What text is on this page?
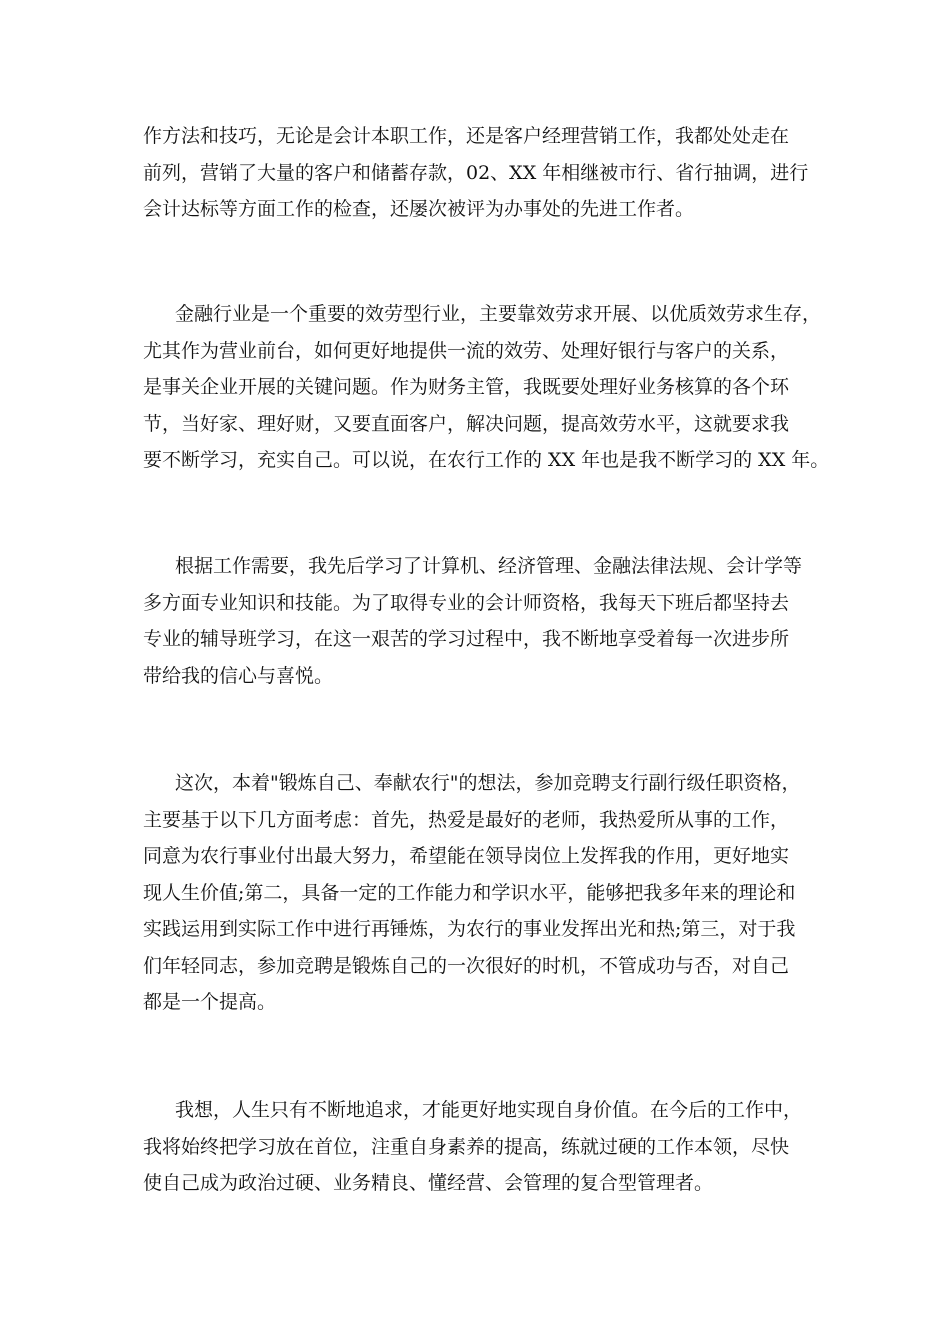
作方法和技巧，无论是会计本职工作，还是客户经理营销工作，我都处处走在
前列，营销了大量的客户和储蓄存款，02、XX 年相继被市行、省行抽调，进行
会计达标等方面工作的检查，还屡次被评为办事处的先进工作者。
金融行业是一个重要的效劳型行业，主要靠效劳求开展、以优质效劳求生存，
尤其作为营业前台，如何更好地提供一流的效劳、处理好银行与客户的关系，
是事关企业开展的关键问题。作为财务主管，我既要处理好业务核算的各个环
节，当好家、理好财，又要直面客户，解决问题，提高效劳水平，这就要求我
要不断学习，充实自己。可以说，在农行工作的 XX 年也是我不断学习的 XX 年。
根据工作需要，我先后学习了计算机、经济管理、金融法律法规、会计学等
多方面专业知识和技能。为了取得专业的会计师资格，我每天下班后都坚持去
专业的辅导班学习，在这一艰苦的学习过程中，我不断地享受着每一次进步所
带给我的信心与喜悦。
这次，本着"锻炼自己、奉献农行"的想法，参加竞聘支行副行级任职资格，
主要基于以下几方面考虑：首先，热爱是最好的老师，我热爱所从事的工作，
同意为农行事业付出最大努力，希望能在领导岗位上发挥我的作用，更好地实
现人生价值;第二，具备一定的工作能力和学识水平，能够把我多年来的理论和
实践运用到实际工作中进行再锤炼，为农行的事业发挥出光和热;第三，对于我
们年轻同志，参加竞聘是锻炼自己的一次很好的时机，不管成功与否，对自己
都是一个提高。
我想，人生只有不断地追求，才能更好地实现自身价值。在今后的工作中，
我将始终把学习放在首位，注重自身素养的提高，练就过硬的工作本领，尽快
使自己成为政治过硬、业务精良、懂经营、会管理的复合型管理者。
